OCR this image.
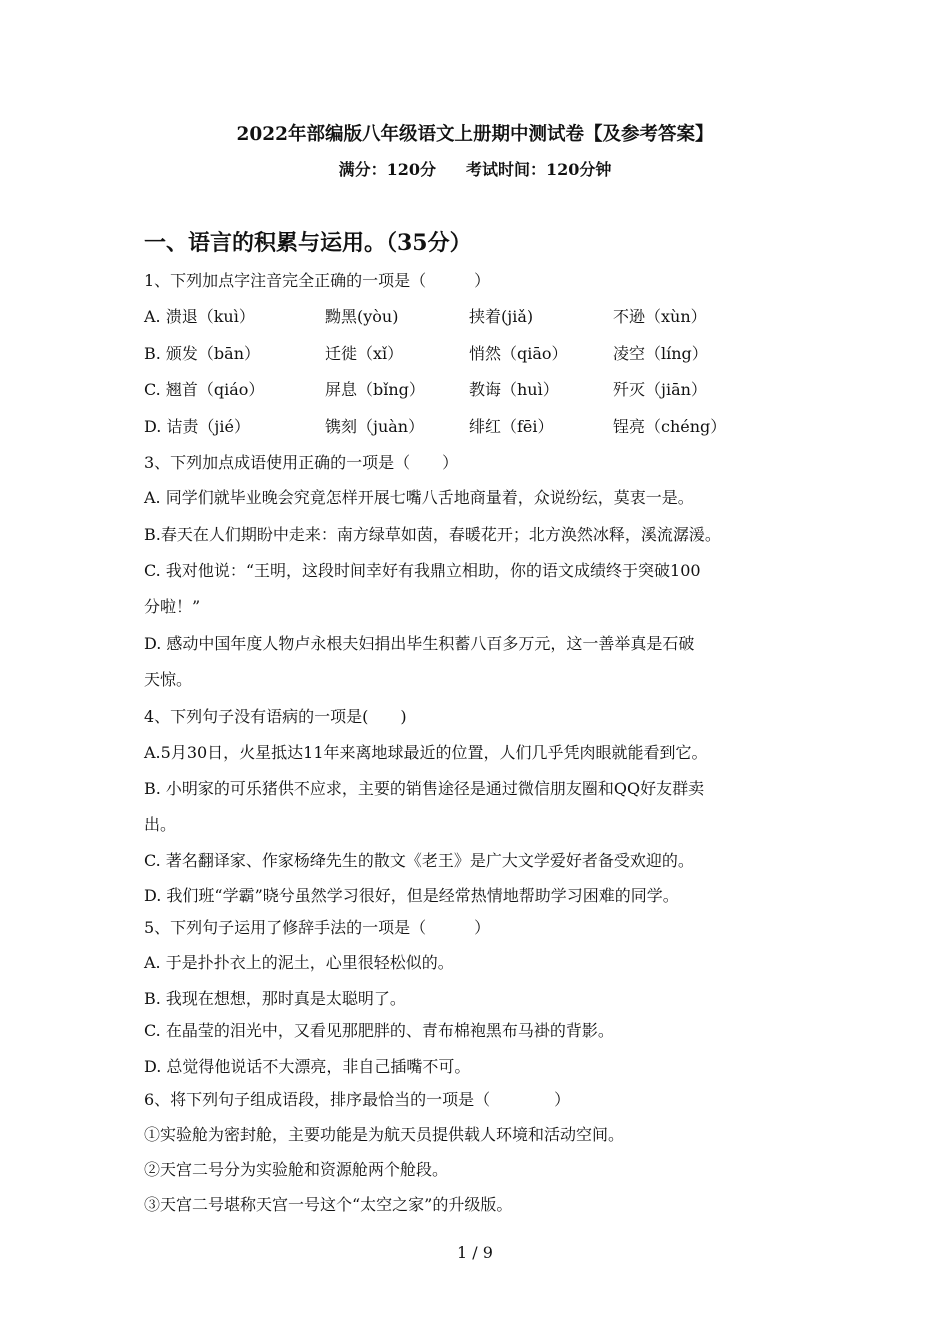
2022年部编版八年级语文上册期中测试卷【及参考答案】
满分：120分 考试时间：120分钟
一、语言的积累与运用。（35分）
1、下列加点字注音完全正确的一项是（　　　）
A. 溃退（kuì）	黝黑(yòu)	挟着(jiǎ)	不逊（xùn）
B. 颁发（bān）	迁徙（xǐ）	悄然（qiāo）	凌空（líng）
C. 翘首（qiáo）	屏息（bǐng）	教诲（huì）	歼灭（jiān）
D. 诘责（jié）	镌刻（juàn）	绯红（fēi）	锃亮（chéng）
3、下列加点成语使用正确的一项是（　　）
A. 同学们就毕业晚会究竟怎样开展七嘴八舌地商量着，众说纷纭，莫衷一是。
B.春天在人们期盼中走来：南方绿草如茵，春暖花开；北方涣然冰释，溪流潺湲。
C. 我对他说：“王明，这段时间幸好有我鼎立相助，你的语文成绩终于突破100
分啦！”
D. 感动中国年度人物卢永根夫妇捐出毕生积蓄八百多万元，这一善举真是石破
天惊。
4、下列句子没有语病的一项是(　　)
A.5月30日，火星抵达11年来离地球最近的位置，人们几乎凭肉眼就能看到它。
B. 小明家的可乐猪供不应求，主要的销售途径是通过微信朋友圈和QQ好友群卖
出。
C. 著名翻译家、作家杨绛先生的散文《老王》是广大文学爱好者备受欢迎的。
D. 我们班“学霸”晓兮虽然学习很好，但是经常热情地帮助学习困难的同学。
5、下列句子运用了修辞手法的一项是（　　　）
A. 于是扑扑衣上的泥土，心里很轻松似的。
B. 我现在想想，那时真是太聪明了。
C. 在晶莹的泪光中，又看见那肥胖的、青布棉袍黑布马褂的背影。
D. 总觉得他说话不大漂亮，非自己插嘴不可。
6、将下列句子组成语段，排序最恰当的一项是（　　　　）
①实验舱为密封舱，主要功能是为航天员提供载人环境和活动空间。
②天宫二号分为实验舱和资源舱两个舱段。
③天宫二号堪称天宫一号这个“太空之家”的升级版。
1 / 9
